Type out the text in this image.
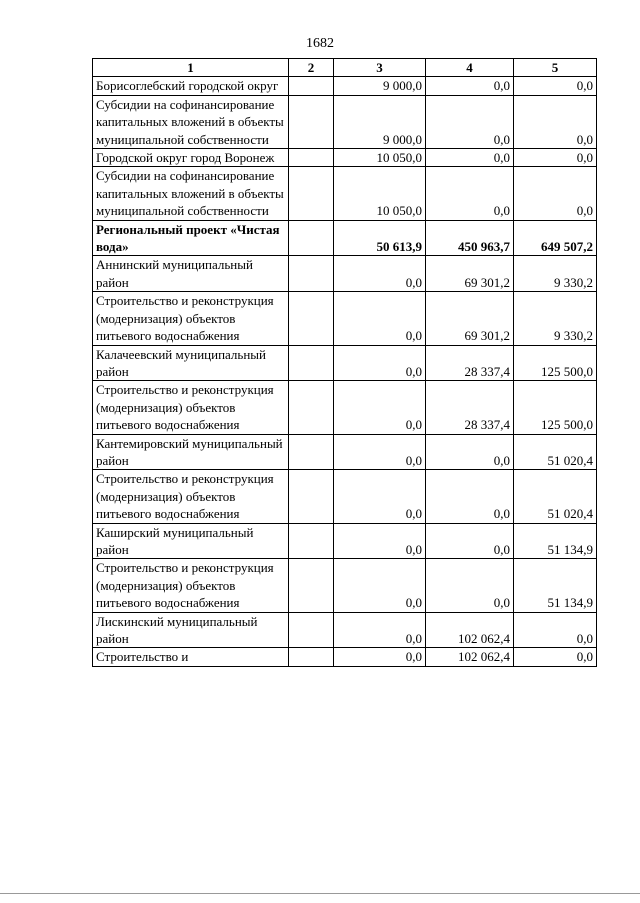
1682
1	2	3	4	5
Борисоглебский городской округ		9 000,0	0,0	0,0
Субсидии на софинансирование капитальных вложений в объекты муниципальной собственности		9 000,0	0,0	0,0
Городской округ город Воронеж		10 050,0	0,0	0,0
Субсидии на софинансирование капитальных вложений в объекты муниципальной собственности		10 050,0	0,0	0,0
Региональный проект «Чистая вода»		50 613,9	450 963,7	649 507,2
Аннинский муниципальный район		0,0	69 301,2	9 330,2
Строительство и реконструкция (модернизация) объектов питьевого водоснабжения		0,0	69 301,2	9 330,2
Калачеевский муниципальный район		0,0	28 337,4	125 500,0
Строительство и реконструкция (модернизация) объектов питьевого водоснабжения		0,0	28 337,4	125 500,0
Кантемировский муниципальный район		0,0	0,0	51 020,4
Строительство и реконструкция (модернизация) объектов питьевого водоснабжения		0,0	0,0	51 020,4
Каширский муниципальный район		0,0	0,0	51 134,9
Строительство и реконструкция (модернизация) объектов питьевого водоснабжения		0,0	0,0	51 134,9
Лискинский муниципальный район		0,0	102 062,4	0,0
Строительство и		0,0	102 062,4	0,0
